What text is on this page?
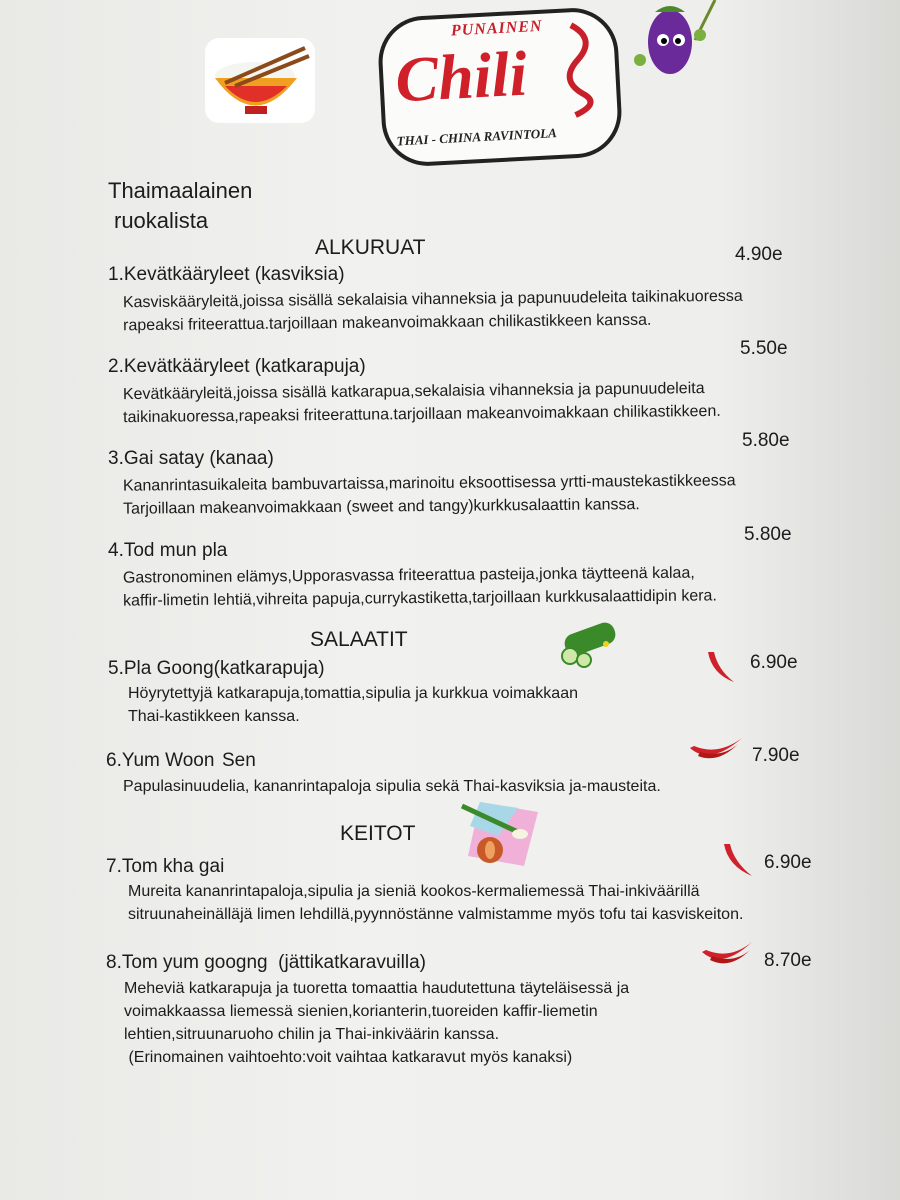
PUNAINEN
Chili
THAI - CHINA RAVINTOLA
Thaimaalainen
ruokalista
ALKURUAT	4.90e
1.Kevätkääryleet (kasviksia)
Kasviskääryleitä,joissa sisällä sekalaisia vihanneksia ja papunuudeleita taikinakuoressa
rapeaksi friteerattua.tarjoillaan makeanvoimakkaan chilikastikkeen kanssa.
5.50e
2.Kevätkääryleet (katkarapuja)
Kevätkääryleitä,joissa sisällä katkarapua,sekalaisia vihanneksia ja papunuudeleita
taikinakuoressa,rapeaksi friteerattuna.tarjoillaan makeanvoimakkaan chilikastikkeen.
5.80e
3.Gai satay (kanaa)
Kananrintasuikaleita bambuvartaissa,marinoitu eksoottisessa yrtti-maustekastikkeessa
Tarjoillaan makeanvoimakkaan (sweet and tangy)kurkkusalaattin kanssa.
5.80e
4.Tod mun pla
Gastronominen elämys,Upporasvassa friteerattua pasteija,jonka täytteenä kalaa,
kaffir-limetin lehtiä,vihreita papuja,currykastiketta,tarjoillaan kurkkusalaattidipin kera.
SALAATIT
6.90e
5.Pla Goong(katkarapuja)
Höyrytettyjä katkarapuja,tomattia,sipulia ja kurkkua voimakkaan
Thai-kastikkeen kanssa.
7.90e
6.Yum Woon Sen
Papulasinuudelia, kananrintapaloja sipulia sekä Thai-kasviksia ja-mausteita.
KEITOT
6.90e
7.Tom kha gai
Mureita kananrintapaloja,sipulia ja sieniä kookos-kermaliemessä Thai-inkiväärillä
sitruunaheinälläjä limen lehdillä,pyynnöstänne valmistamme myös tofu tai kasviskeiton.
8.70e
8.Tom yum googng  (jättikatkaravuilla)
Meheviä katkarapuja ja tuoretta tomaattia haudutettuna täyteläisessä ja
voimakkaassa liemessä sienien,korianterin,tuoreiden kaffir-liemetin
lehtien,sitruunaruoho chilin ja Thai-inkiväärin kanssa.
(Erinomainen vaihtoehto:voit vaihtaa katkaravut myös kanaksi)
